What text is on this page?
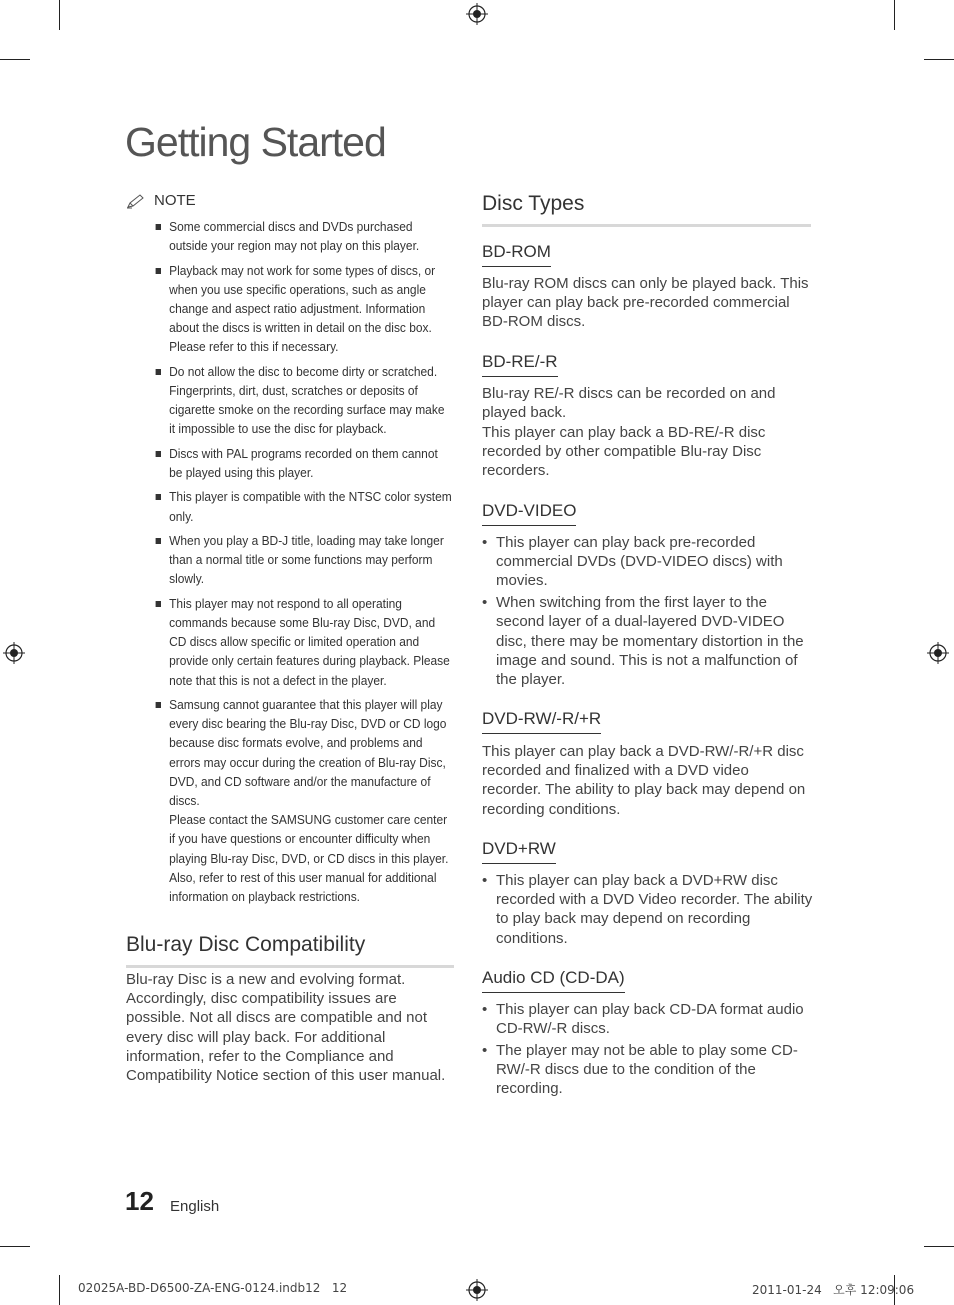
Getting Started
NOTE
Some commercial discs and DVDs purchased outside your region may not play on this player.
Playback may not work for some types of discs, or when you use specific operations, such as angle change and aspect ratio adjustment. Information about the discs is written in detail on the disc box. Please refer to this if necessary.
Do not allow the disc to become dirty or scratched. Fingerprints, dirt, dust, scratches or deposits of cigarette smoke on the recording surface may make it impossible to use the disc for playback.
Discs with PAL programs recorded on them cannot be played using this player.
This player is compatible with the NTSC color system only.
When you play a BD-J title, loading may take longer than a normal title or some functions may perform slowly.
This player may not respond to all operating commands because some Blu-ray Disc, DVD, and CD discs allow specific or limited operation and provide only certain features during playback. Please note that this is not a defect in the player.
Samsung cannot guarantee that this player will play every disc bearing the Blu-ray Disc, DVD or CD logo because disc formats evolve, and problems and errors may occur during the creation of Blu-ray Disc, DVD, and CD software and/or the manufacture of discs.
Please contact the SAMSUNG customer care center if you have questions or encounter difficulty when playing Blu-ray Disc, DVD, or CD discs in this player. Also, refer to rest of this user manual for additional information on playback restrictions.
Blu-ray Disc Compatibility

Blu-ray Disc is a new and evolving format. Accordingly, disc compatibility issues are possible. Not all discs are compatible and not every disc will play back. For additional information, refer to the Compliance and Compatibility Notice section of this user manual.

Disc Types
BD-ROM

Blu-ray ROM discs can only be played back. This player can play back pre-recorded commercial BD-ROM discs.

BD-RE/-R

Blu-ray RE/-R discs can be recorded on and played back.

This player can play back a BD-RE/-R disc recorded by other compatible Blu-ray Disc recorders.

DVD-VIDEO
• This player can play back pre-recorded commercial DVDs (DVD-VIDEO discs) with movies.
• When switching from the first layer to the second layer of a dual-layered DVD-VIDEO disc, there may be momentary distortion in the image and sound. This is not a malfunction of the player.
DVD-RW/-R/+R

This player can play back a DVD-RW/-R/+R disc recorded and finalized with a DVD video recorder. The ability to play back may depend on recording conditions.

DVD+RW
• This player can play back a DVD+RW disc recorded with a DVD Video recorder. The ability to play back may depend on recording conditions.
Audio CD (CD-DA)
• This player can play back CD-DA format audio CD-RW/-R discs.
• The player may not be able to play some CD-RW/-R discs due to the condition of the recording.
12 English
02025A-BD-D6500-ZA-ENG-0124.indb12   12	2011-01-24   오후 12:09:06
